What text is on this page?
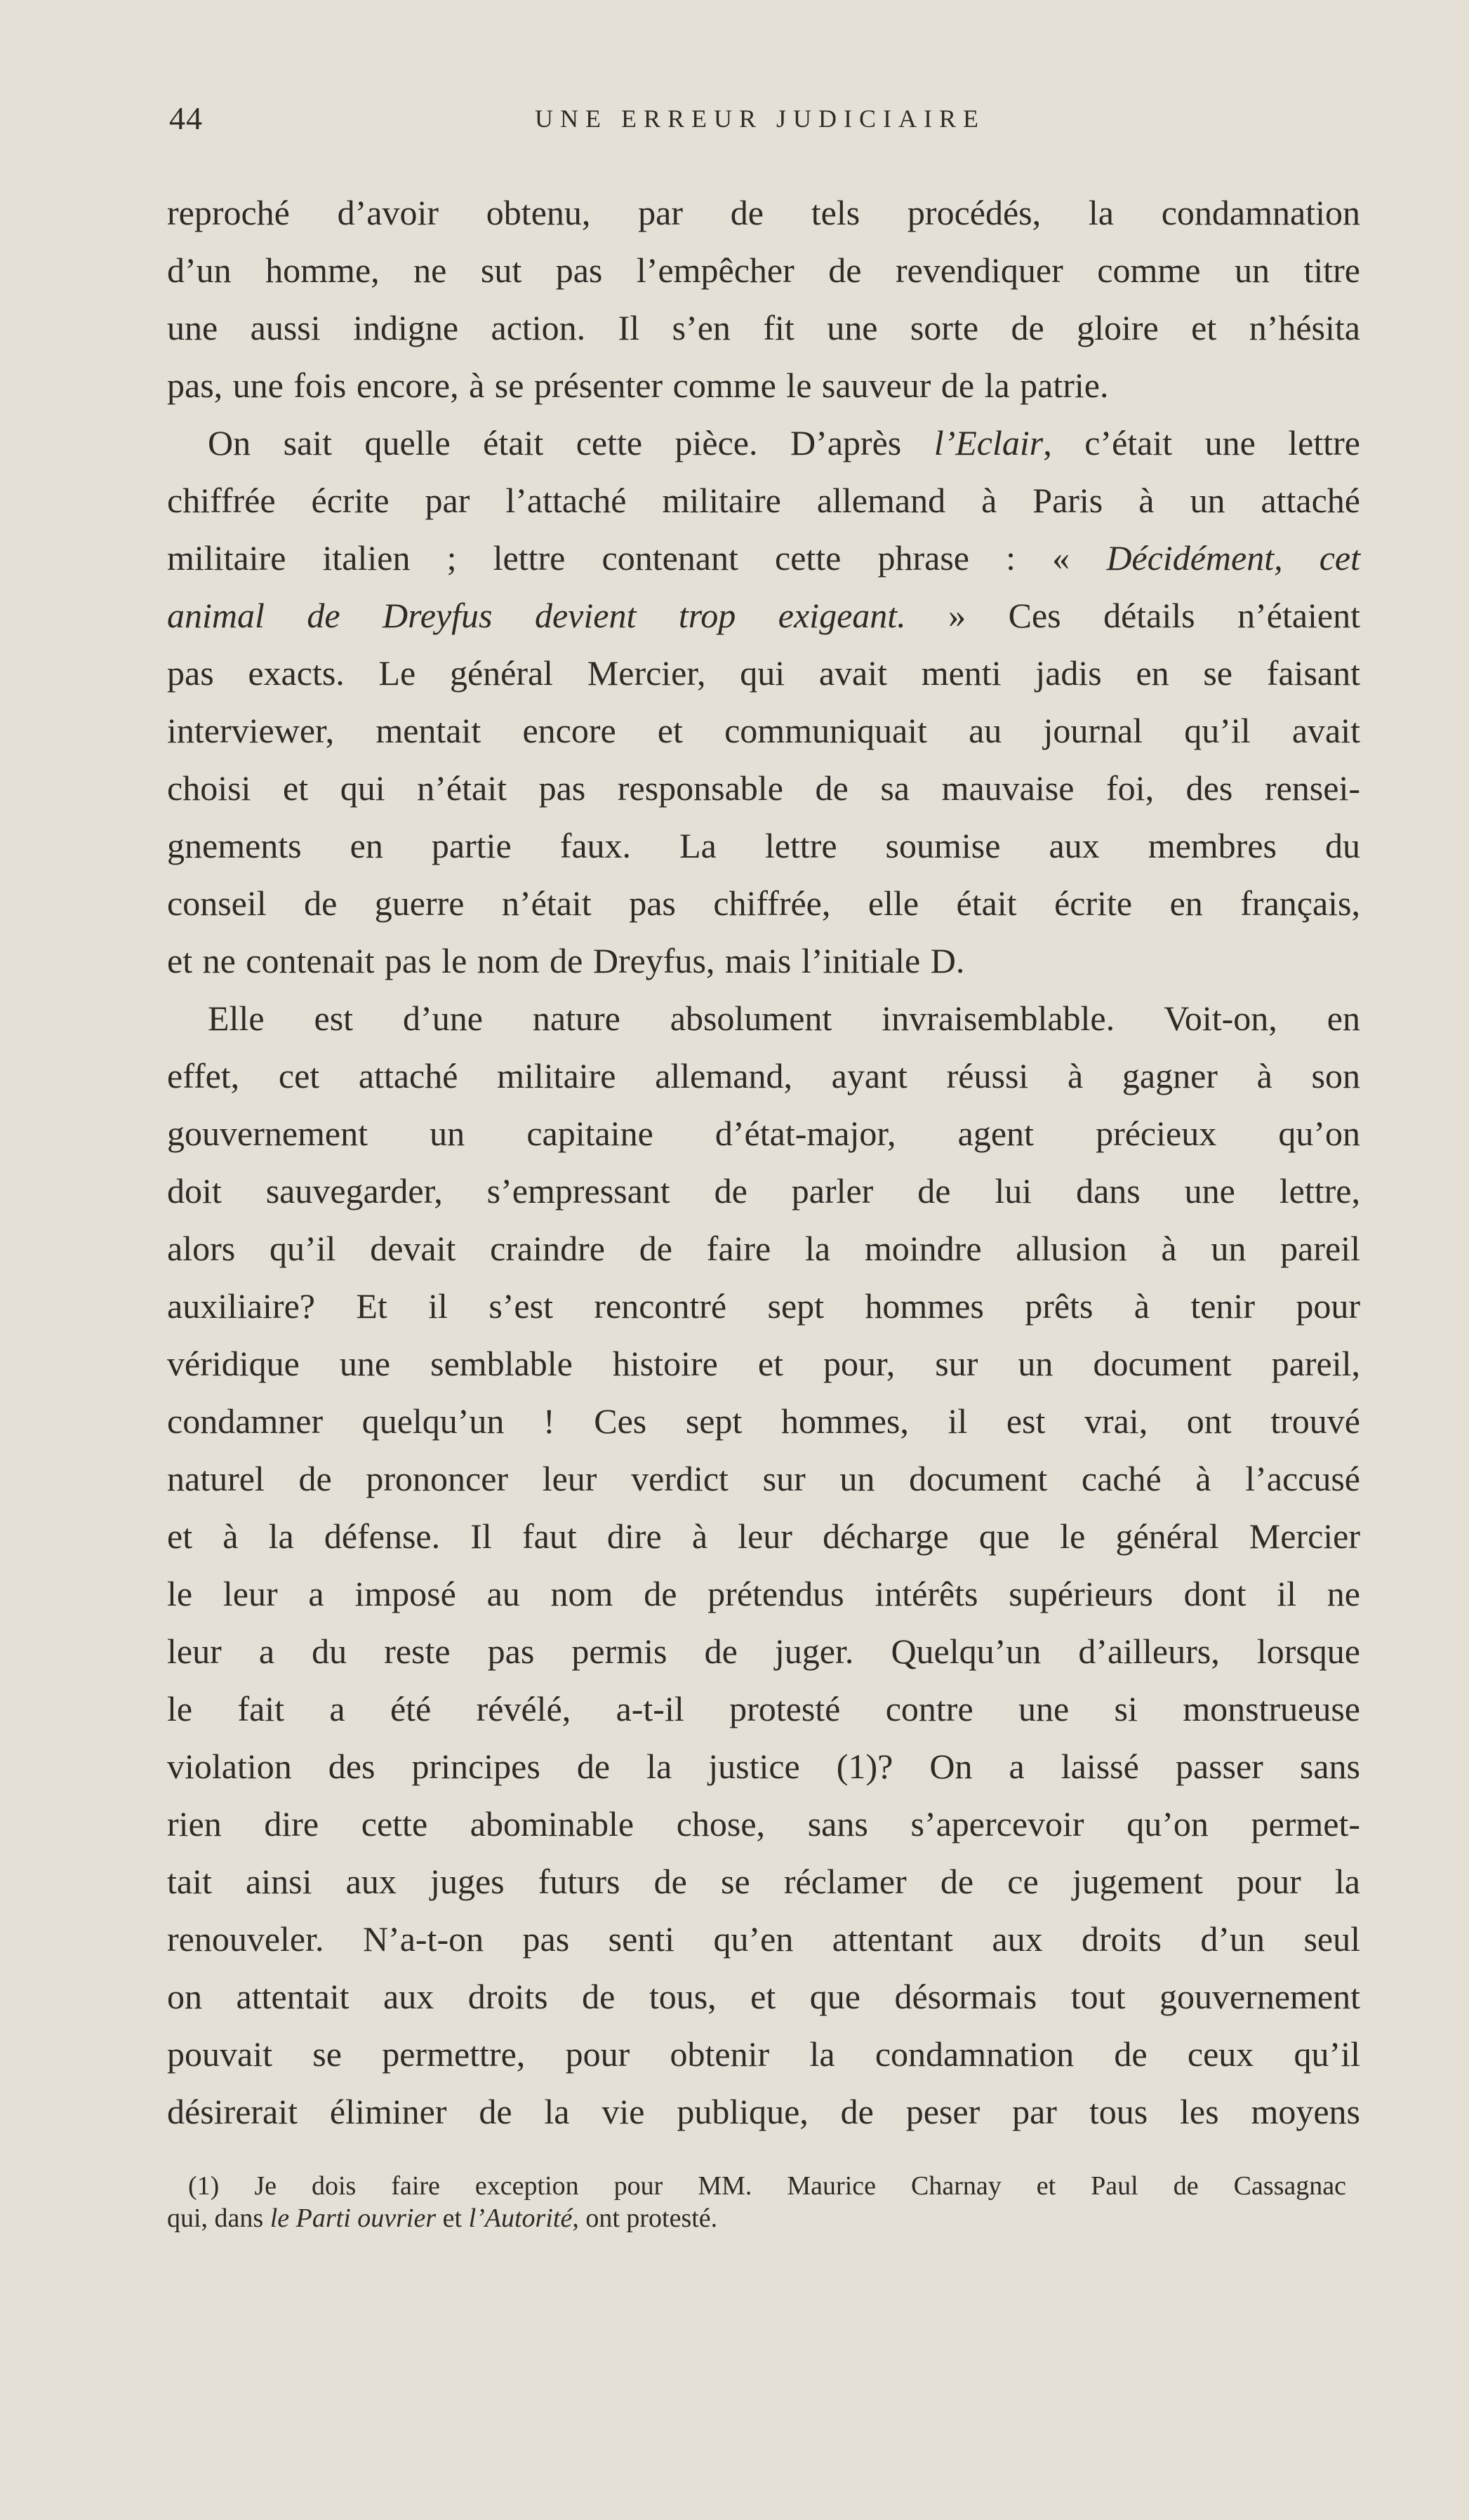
44	UNE ERREUR JUDICIAIRE
reproché d’avoir obtenu, par de tels procédés, la condamnation
d’un homme, ne sut pas l’empêcher de revendiquer comme un titre
une aussi indigne action. Il s’en fit une sorte de gloire et n’hésita
pas, une fois encore, à se présenter comme le sauveur de la patrie.
On sait quelle était cette pièce. D’après l’Eclair, c’était une lettre
chiffrée écrite par l’attaché militaire allemand à Paris à un attaché
militaire italien ; lettre contenant cette phrase : « Décidément, cet
animal de Dreyfus devient trop exigeant. » Ces détails n’étaient
pas exacts. Le général Mercier, qui avait menti jadis en se faisant
interviewer, mentait encore et communiquait au journal qu’il avait
choisi et qui n’était pas responsable de sa mauvaise foi, des rensei-
gnements en partie faux. La lettre soumise aux membres du
conseil de guerre n’était pas chiffrée, elle était écrite en français,
et ne contenait pas le nom de Dreyfus, mais l’initiale D.
Elle est d’une nature absolument invraisemblable. Voit-on, en
effet, cet attaché militaire allemand, ayant réussi à gagner à son
gouvernement un capitaine d’état-major, agent précieux qu’on
doit sauvegarder, s’empressant de parler de lui dans une lettre,
alors qu’il devait craindre de faire la moindre allusion à un pareil
auxiliaire? Et il s’est rencontré sept hommes prêts à tenir pour
véridique une semblable histoire et pour, sur un document pareil,
condamner quelqu’un ! Ces sept hommes, il est vrai, ont trouvé
naturel de prononcer leur verdict sur un document caché à l’accusé
et à la défense. Il faut dire à leur décharge que le général Mercier
le leur a imposé au nom de prétendus intérêts supérieurs dont il ne
leur a du reste pas permis de juger. Quelqu’un d’ailleurs, lorsque
le fait a été révélé, a-t-il protesté contre une si monstrueuse
violation des principes de la justice (1)? On a laissé passer sans
rien dire cette abominable chose, sans s’apercevoir qu’on permet-
tait ainsi aux juges futurs de se réclamer de ce jugement pour la
renouveler. N’a-t-on pas senti qu’en attentant aux droits d’un seul
on attentait aux droits de tous, et que désormais tout gouvernement
pouvait se permettre, pour obtenir la condamnation de ceux qu’il
désirerait éliminer de la vie publique, de peser par tous les moyens
(1) Je dois faire exception pour MM. Maurice Charnay et Paul de Cassagnac
qui, dans le Parti ouvrier et l’Autorité, ont protesté.
